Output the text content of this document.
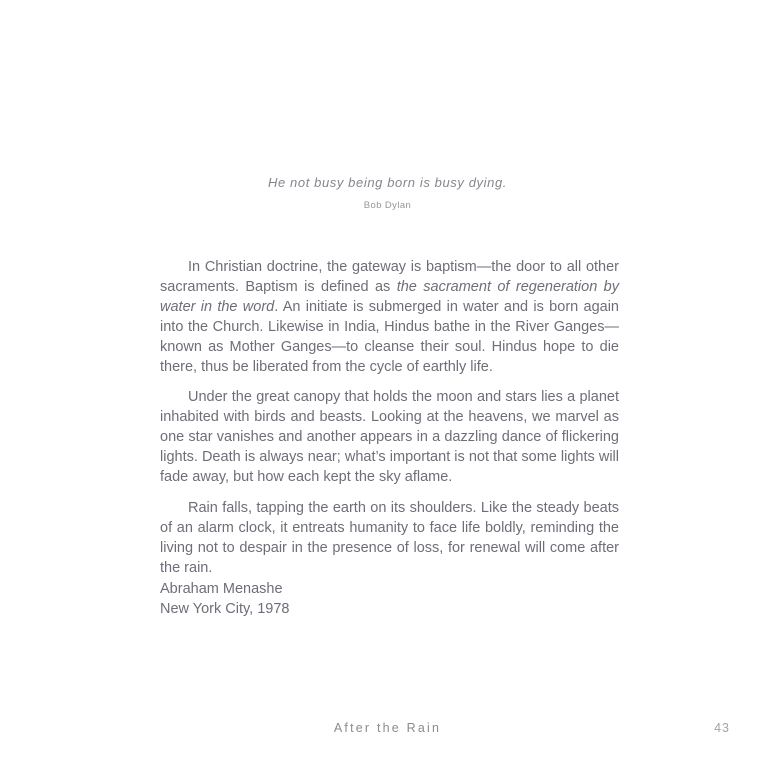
He not busy being born is busy dying.
Bob Dylan

In Christian doctrine, the gateway is baptism—the door to all other sacraments. Baptism is defined as the sacrament of regeneration by water in the word. An initiate is submerged in water and is born again into the Church. Likewise in India, Hindus bathe in the River Ganges—known as Mother Ganges—to cleanse their soul. Hindus hope to die there, thus be liberated from the cycle of earthly life.

Under the great canopy that holds the moon and stars lies a planet inhabited with birds and beasts. Looking at the heavens, we marvel as one star vanishes and another appears in a dazzling dance of flickering lights. Death is always near; what’s important is not that some lights will fade away, but how each kept the sky aflame.

Rain falls, tapping the earth on its shoulders. Like the steady beats of an alarm clock, it entreats humanity to face life boldly, reminding the living not to despair in the presence of loss, for renewal will come after the rain.

Abraham Menashe
New York City, 1978
After the Rain	43
